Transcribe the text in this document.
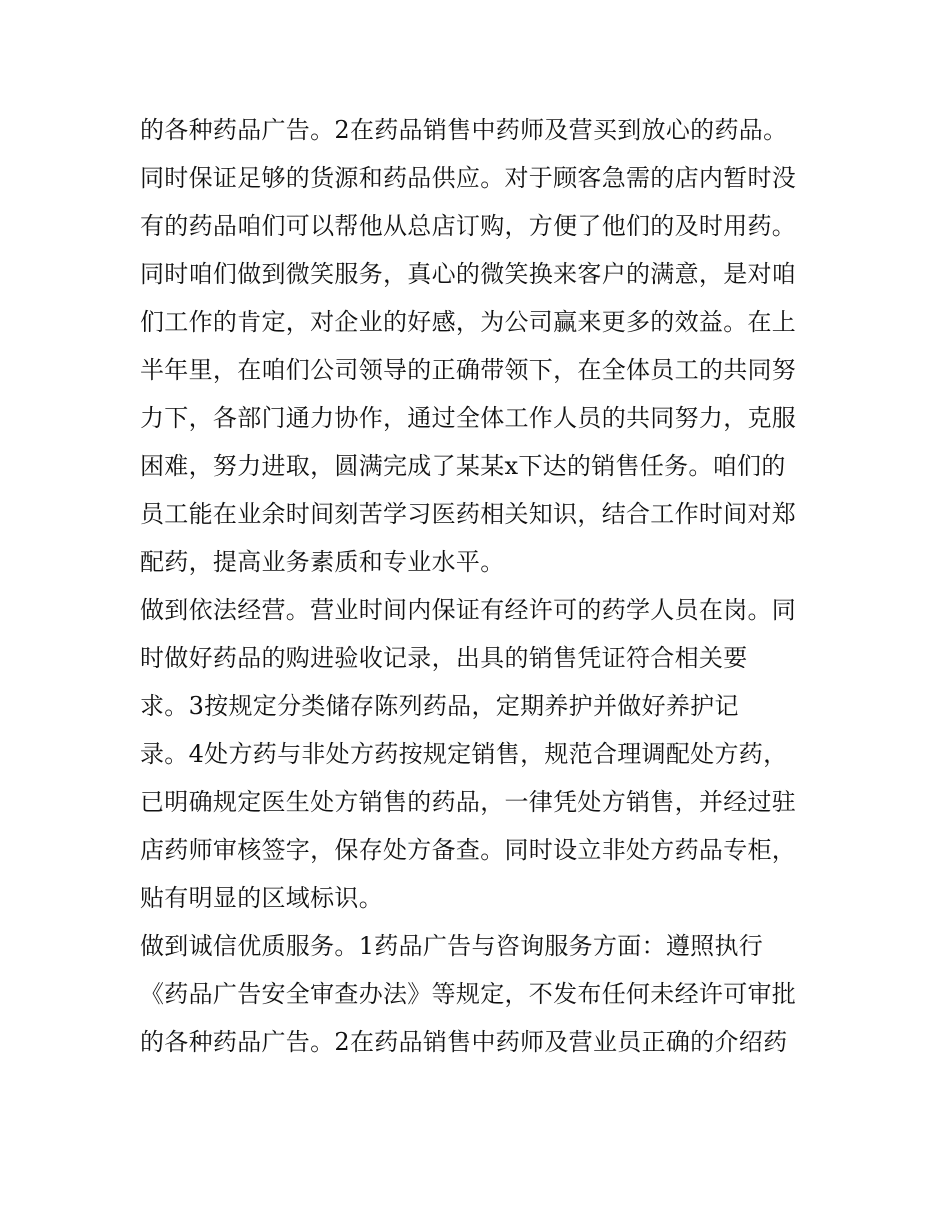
的各种药品广告。2在药品销售中药师及营买到放心的药品。
同时保证足够的货源和药品供应。对于顾客急需的店内暂时没
有的药品咱们可以帮他从总店订购，方便了他们的及时用药。
同时咱们做到微笑服务，真心的微笑换来客户的满意，是对咱
们工作的肯定，对企业的好感，为公司赢来更多的效益。在上
半年里，在咱们公司领导的正确带领下，在全体员工的共同努
力下，各部门通力协作，通过全体工作人员的共同努力，克服
困难，努力进取，圆满完成了某某x下达的销售任务。咱们的
员工能在业余时间刻苦学习医药相关知识，结合工作时间对郑
配药，提高业务素质和专业水平。
做到依法经营。营业时间内保证有经许可的药学人员在岗。同
时做好药品的购进验收记录，出具的销售凭证符合相关要
求。3按规定分类储存陈列药品，定期养护并做好养护记
录。4处方药与非处方药按规定销售，规范合理调配处方药，
已明确规定医生处方销售的药品，一律凭处方销售，并经过驻
店药师审核签字，保存处方备查。同时设立非处方药品专柜，
贴有明显的区域标识。
做到诚信优质服务。1药品广告与咨询服务方面：遵照执行
《药品广告安全审查办法》等规定，不发布任何未经许可审批
的各种药品广告。2在药品销售中药师及营业员正确的介绍药
